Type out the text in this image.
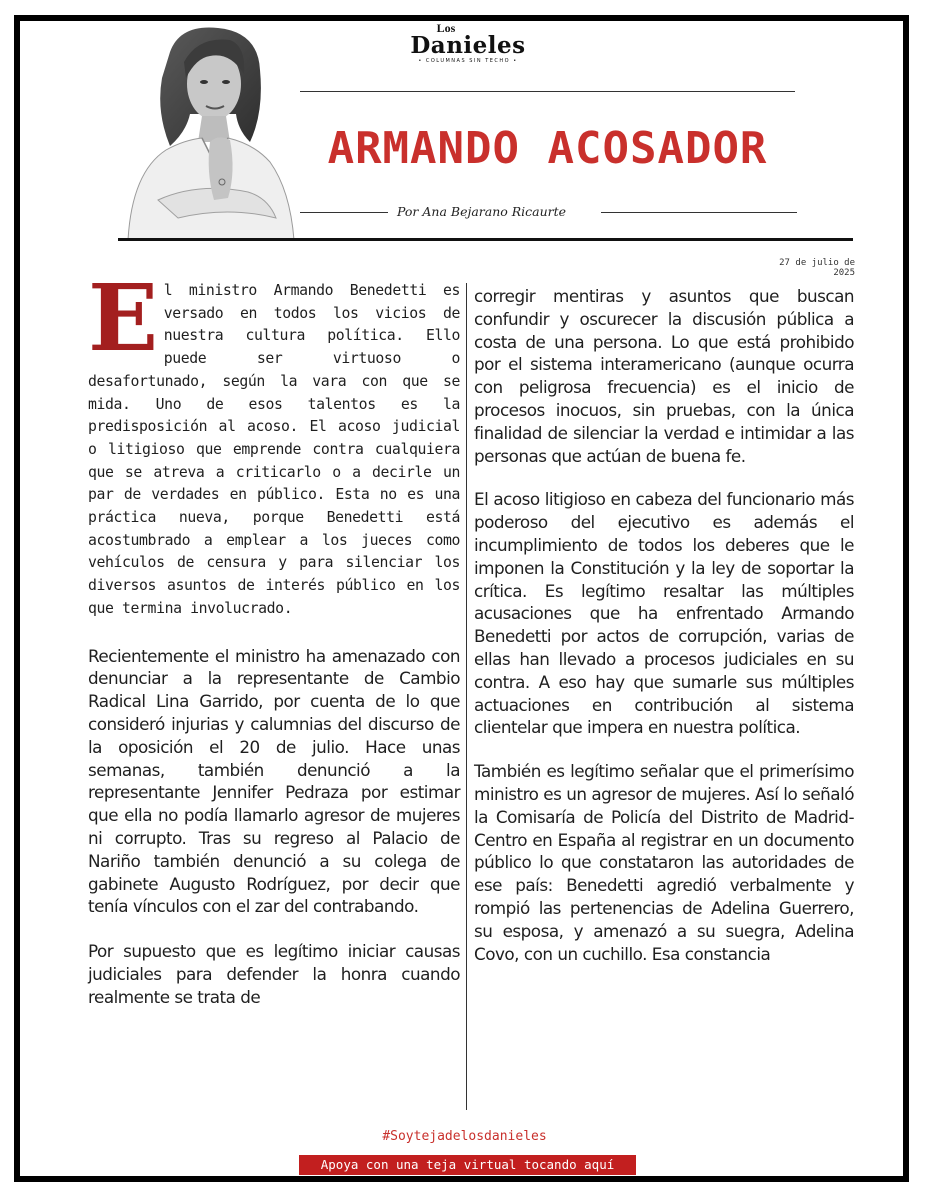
Los
Danieles
• COLUMNAS SIN TECHO •
ARMANDO ACOSADOR
Por Ana Bejarano Ricaurte
27 de julio de 2025

El ministro Armando Benedetti es versado en todos los vicios de nuestra cultura política. Ello puede ser virtuoso o desafortunado, según la vara con que se mida. Uno de esos talentos es la predisposición al acoso. El acoso judicial o litigioso que emprende contra cualquiera que se atreva a criticarlo o a decirle un par de verdades en público. Esta no es una práctica nueva, porque Benedetti está acostumbrado a emplear a los jueces como vehículos de censura y para silenciar los diversos asuntos de interés público en los que termina involucrado.

Recientemente el ministro ha amenazado con denunciar a la representante de Cambio Radical Lina Garrido, por cuenta de lo que consideró injurias y calumnias del discurso de la oposición el 20 de julio. Hace unas semanas, también denunció a la representante Jennifer Pedraza por estimar que ella no podía llamarlo agresor de mujeres ni corrupto. Tras su regreso al Palacio de Nariño también denunció a su colega de gabinete Augusto Rodríguez, por decir que tenía vínculos con el zar del contrabando.

Por supuesto que es legítimo iniciar causas judiciales para defender la honra cuando realmente se trata de

corregir mentiras y asuntos que buscan confundir y oscurecer la discusión pública a costa de una persona. Lo que está prohibido por el sistema interamericano (aunque ocurra con peligrosa frecuencia) es el inicio de procesos inocuos, sin pruebas, con la única finalidad de silenciar la verdad e intimidar a las personas que actúan de buena fe.

El acoso litigioso en cabeza del funcionario más poderoso del ejecutivo es además el incumplimiento de todos los deberes que le imponen la Constitución y la ley de soportar la crítica. Es legítimo resaltar las múltiples acusaciones que ha enfrentado Armando Benedetti por actos de corrupción, varias de ellas han llevado a procesos judiciales en su contra. A eso hay que sumarle sus múltiples actuaciones en contribución al sistema clientelar que impera en nuestra política.

También es legítimo señalar que el primerísimo ministro es un agresor de mujeres. Así lo señaló la Comisaría de Policía del Distrito de Madrid-Centro en España al registrar en un documento público lo que constataron las autoridades de ese país: Benedetti agredió verbalmente y rompió las pertenencias de Adelina Guerrero, su esposa, y amenazó a su suegra, Adelina Covo, con un cuchillo. Esa constancia

#Soytejadelosdanieles
Apoya con una teja virtual tocando aquí
